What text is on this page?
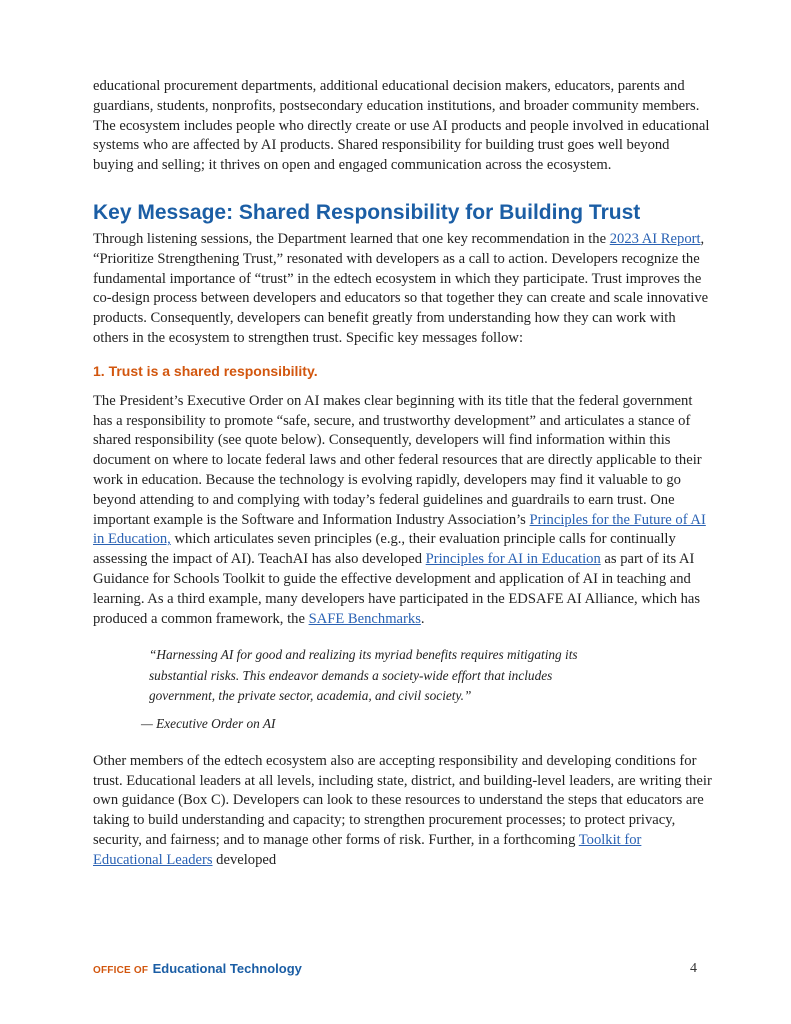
educational procurement departments, additional educational decision makers, educators, parents and guardians, students, nonprofits, postsecondary education institutions, and broader community members. The ecosystem includes people who directly create or use AI products and people involved in educational systems who are affected by AI products. Shared responsibility for building trust goes well beyond buying and selling; it thrives on open and engaged communication across the ecosystem.

Key Message: Shared Responsibility for Building Trust

Through listening sessions, the Department learned that one key recommendation in the 2023 AI Report, “Prioritize Strengthening Trust,” resonated with developers as a call to action. Developers recognize the fundamental importance of “trust” in the edtech ecosystem in which they participate. Trust improves the co-design process between developers and educators so that together they can create and scale innovative products. Consequently, developers can benefit greatly from understanding how they can work with others in the ecosystem to strengthen trust. Specific key messages follow:

1. Trust is a shared responsibility.

The President’s Executive Order on AI makes clear beginning with its title that the federal government has a responsibility to promote “safe, secure, and trustworthy development” and articulates a stance of shared responsibility (see quote below). Consequently, developers will find information within this document on where to locate federal laws and other federal resources that are directly applicable to their work in education. Because the technology is evolving rapidly, developers may find it valuable to go beyond attending to and complying with today’s federal guidelines and guardrails to earn trust. One important example is the Software and Information Industry Association’s Principles for the Future of AI in Education, which articulates seven principles (e.g., their evaluation principle calls for continually assessing the impact of AI). TeachAI has also developed Principles for AI in Education as part of its AI Guidance for Schools Toolkit to guide the effective development and application of AI in teaching and learning. As a third example, many developers have participated in the EDSAFE AI Alliance, which has produced a common framework, the SAFE Benchmarks.

“Harnessing AI for good and realizing its myriad benefits requires mitigating its substantial risks. This endeavor demands a society-wide effort that includes government, the private sector, academia, and civil society.”

— Executive Order on AI

Other members of the edtech ecosystem also are accepting responsibility and developing conditions for trust. Educational leaders at all levels, including state, district, and building-level leaders, are writing their own guidance (Box C). Developers can look to these resources to understand the steps that educators are taking to build understanding and capacity; to strengthen procurement processes; to protect privacy, security, and fairness; and to manage other forms of risk. Further, in a forthcoming Toolkit for Educational Leaders developed

OFFICE OF Educational Technology	4
